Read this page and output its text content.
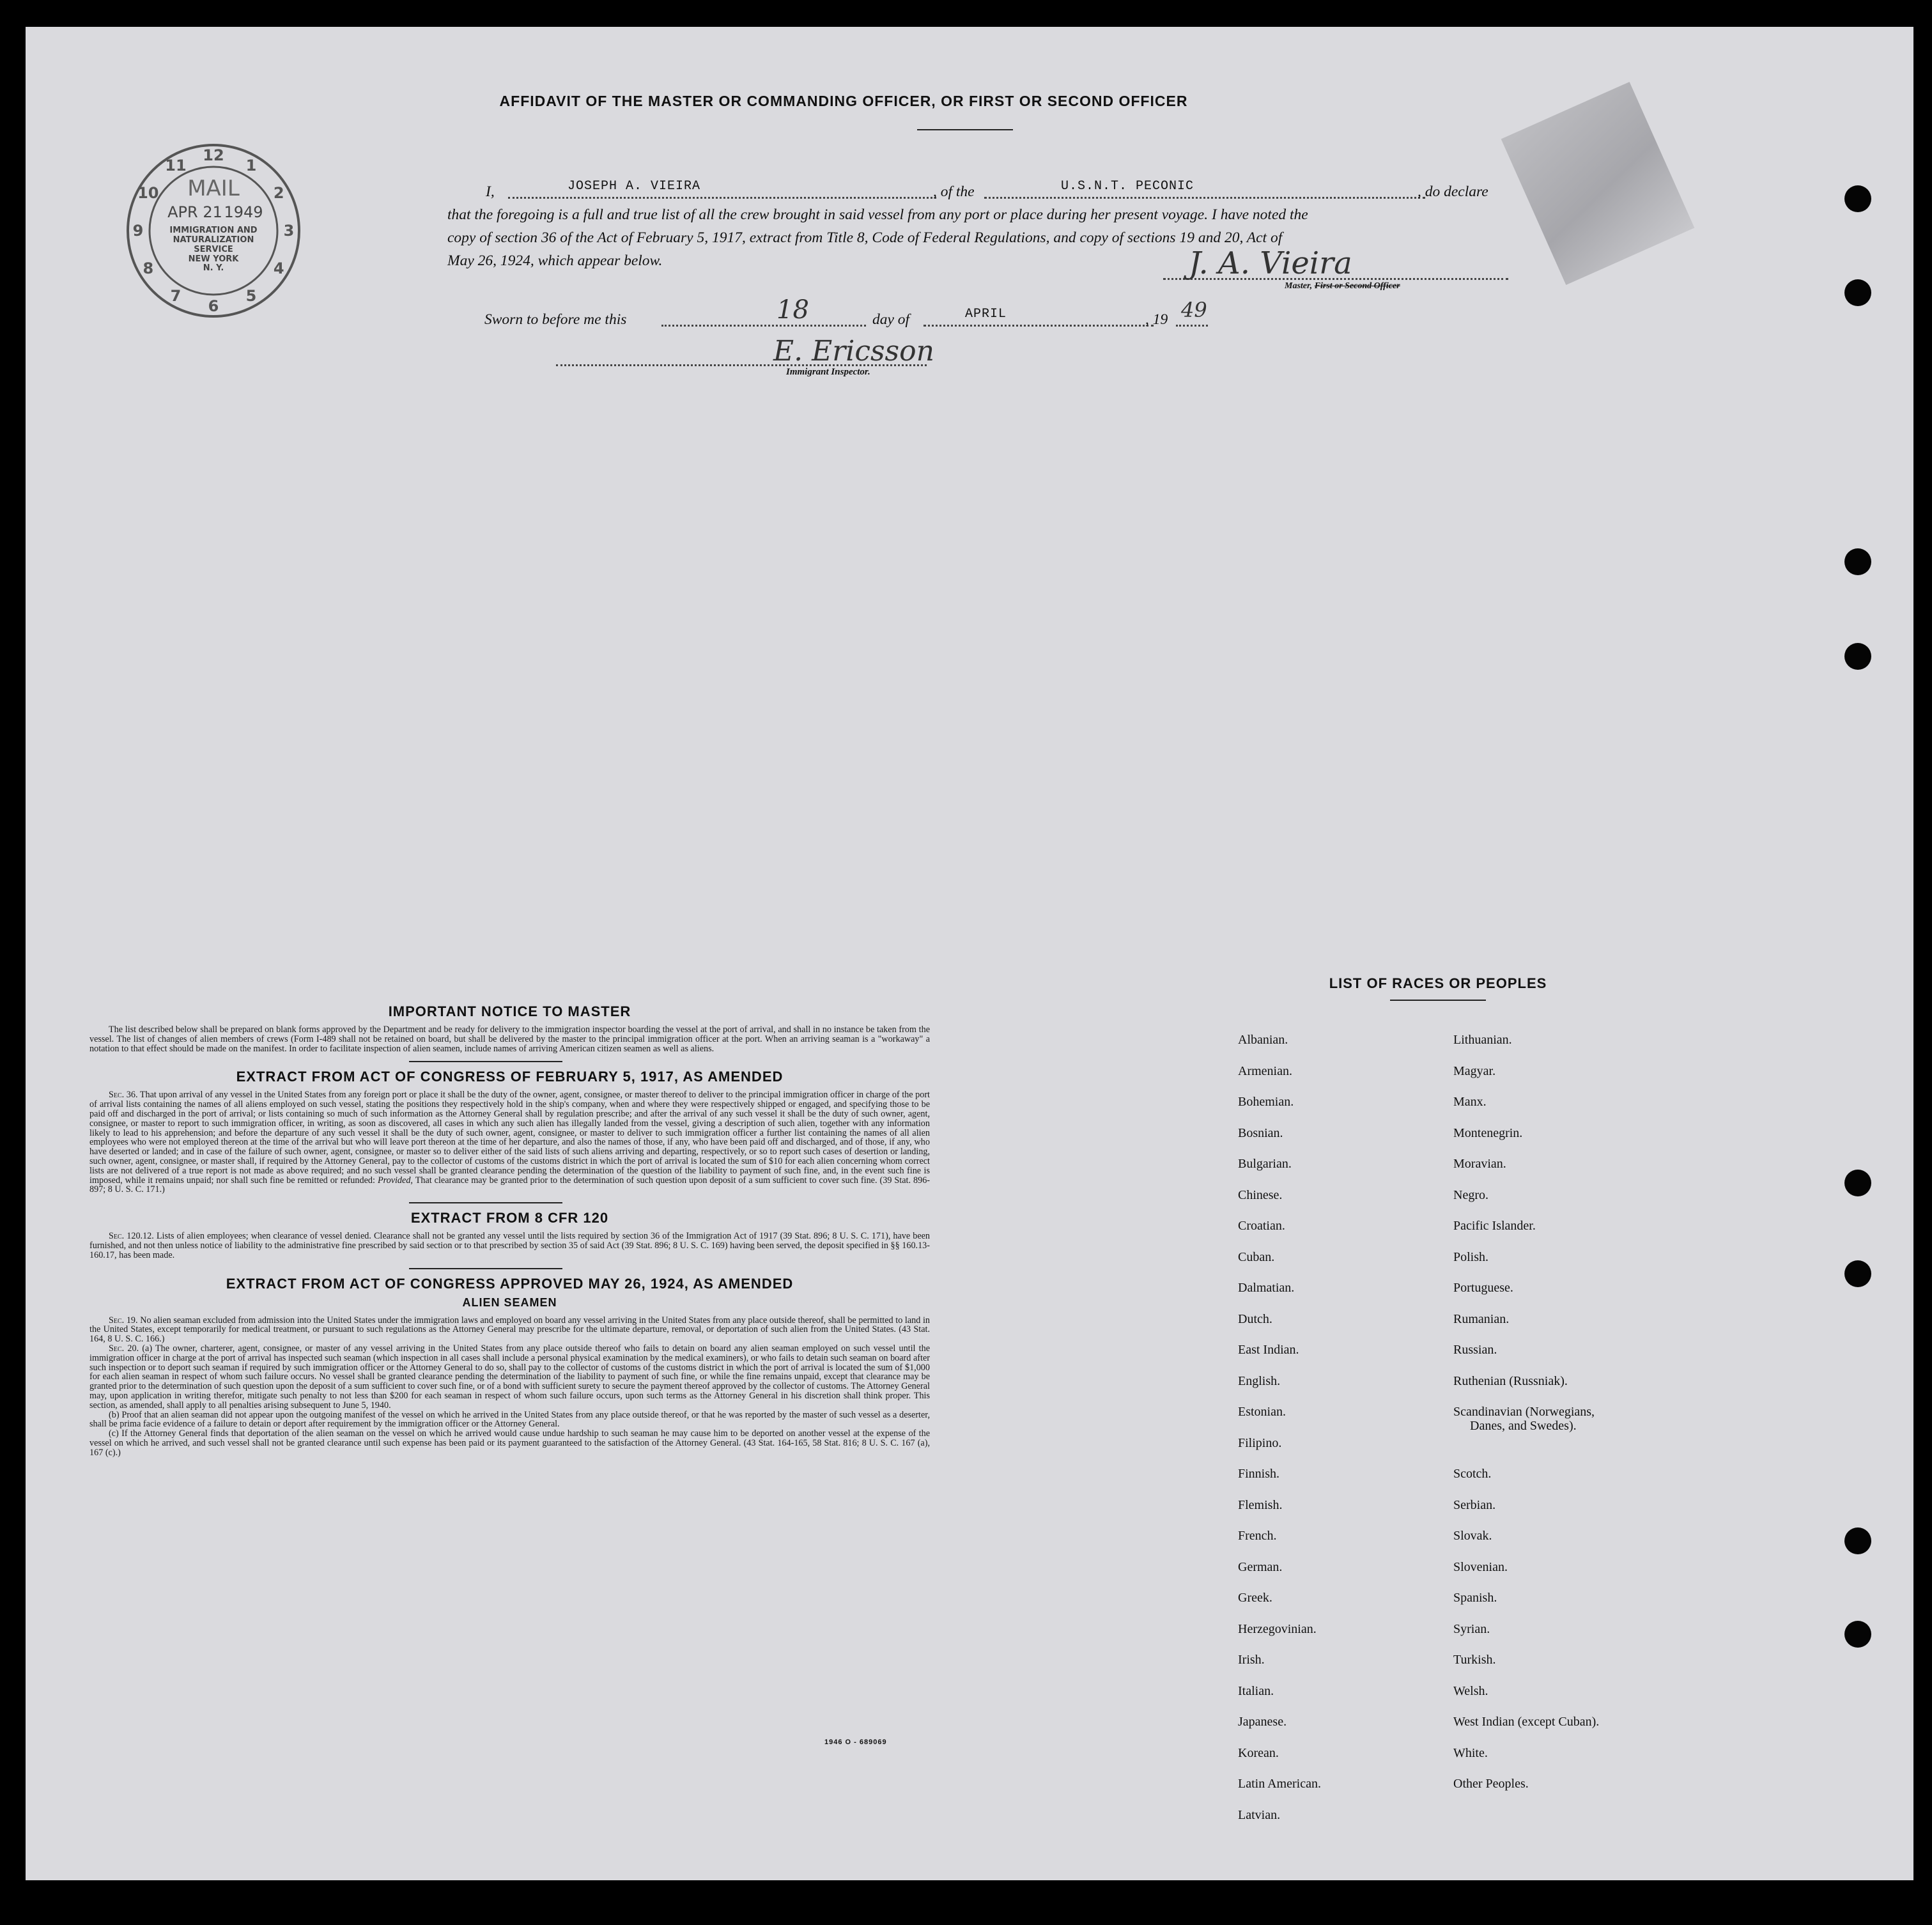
AFFIDAVIT OF THE MASTER OR COMMANDING OFFICER, OR FIRST OR SECOND OFFICER
I,	JOSEPH A. VIEIRA	, of the	U.S.N.T. PECONIC	, do declare
that the foregoing is a full and true list of all the crew brought in said vessel from any port or place during her present voyage. I have noted the
copy of section 36 of the Act of February 5, 1917, extract from Title 8, Code of Federal Regulations, and copy of sections 19 and 20, Act of
May 26, 1924, which appear below.	J. A. Vieira
Master, First or Second Officer
Sworn to before me this	18	day of	APRIL	, 19 49
E. Ericsson
Immigrant Inspector.
12
1
2
3
4
5
6
7
8
9
10
11
MAIL
APR 21 1949
IMMIGRATION AND
NATURALIZATION
SERVICE
NEW YORK
N. Y.
IMPORTANT NOTICE TO MASTER
The list described below shall be prepared on blank forms approved by the Department and be ready for delivery to the immigration inspector boarding the vessel at the port of arrival, and shall in no instance be taken from the vessel. The list of changes of alien members of crews (Form I-489 shall not be retained on board, but shall be delivered by the master to the principal immigration officer at the port. When an arriving seaman is a "workaway" a notation to that effect should be made on the manifest. In order to facilitate inspection of alien seamen, include names of arriving American citizen seamen as well as aliens.
EXTRACT FROM ACT OF CONGRESS OF FEBRUARY 5, 1917, AS AMENDED
Sec. 36. That upon arrival of any vessel in the United States from any foreign port or place it shall be the duty of the owner, agent, consignee, or master thereof to deliver to the principal immigration officer in charge of the port of arrival lists containing the names of all aliens employed on such vessel, stating the positions they respectively hold in the ship's company, when and where they were respectively shipped or engaged, and specifying those to be paid off and discharged in the port of arrival; or lists containing so much of such information as the Attorney General shall by regulation prescribe; and after the arrival of any such vessel it shall be the duty of such owner, agent, consignee, or master to report to such immigration officer, in writing, as soon as discovered, all cases in which any such alien has illegally landed from the vessel, giving a description of such alien, together with any information likely to lead to his apprehension; and before the departure of any such vessel it shall be the duty of such owner, agent, consignee, or master to deliver to such immigration officer a further list containing the names of all alien employees who were not employed thereon at the time of the arrival but who will leave port thereon at the time of her departure, and also the names of those, if any, who have been paid off and discharged, and of those, if any, who have deserted or landed; and in case of the failure of such owner, agent, consignee, or master so to deliver either of the said lists of such aliens arriving and departing, respectively, or so to report such cases of desertion or landing, such owner, agent, consignee, or master shall, if required by the Attorney General, pay to the collector of customs of the customs district in which the port of arrival is located the sum of $10 for each alien concerning whom correct lists are not delivered of a true report is not made as above required; and no such vessel shall be granted clearance pending the determination of the question of the liability to payment of such fine, and, in the event such fine is imposed, while it remains unpaid; nor shall such fine be remitted or refunded: Provided, That clearance may be granted prior to the determination of such question upon deposit of a sum sufficient to cover such fine. (39 Stat. 896-897; 8 U. S. C. 171.)
EXTRACT FROM 8 CFR 120
Sec. 120.12. Lists of alien employees; when clearance of vessel denied. Clearance shall not be granted any vessel until the lists required by section 36 of the Immigration Act of 1917 (39 Stat. 896; 8 U. S. C. 171), have been furnished, and not then unless notice of liability to the administrative fine prescribed by said section or to that prescribed by section 35 of said Act (39 Stat. 896; 8 U. S. C. 169) having been served, the deposit specified in §§ 160.13-160.17, has been made.
EXTRACT FROM ACT OF CONGRESS APPROVED MAY 26, 1924, AS AMENDED
ALIEN SEAMEN
Sec. 19. No alien seaman excluded from admission into the United States under the immigration laws and employed on board any vessel arriving in the United States from any place outside thereof, shall be permitted to land in the United States, except temporarily for medical treatment, or pursuant to such regulations as the Attorney General may prescribe for the ultimate departure, removal, or deportation of such alien from the United States. (43 Stat. 164, 8 U. S. C. 166.)
Sec. 20. (a) The owner, charterer, agent, consignee, or master of any vessel arriving in the United States from any place outside thereof who fails to detain on board any alien seaman employed on such vessel until the immigration officer in charge at the port of arrival has inspected such seaman (which inspection in all cases shall include a personal physical examination by the medical examiners), or who fails to detain such seaman on board after such inspection or to deport such seaman if required by such immigration officer or the Attorney General to do so, shall pay to the collector of customs of the customs district in which the port of arrival is located the sum of $1,000 for each alien seaman in respect of whom such failure occurs. No vessel shall be granted clearance pending the determination of the liability to payment of such fine, or while the fine remains unpaid, except that clearance may be granted prior to the determination of such question upon the deposit of a sum sufficient to cover such fine, or of a bond with sufficient surety to secure the payment thereof approved by the collector of customs. The Attorney General may, upon application in writing therefor, mitigate such penalty to not less than $200 for each seaman in respect of whom such failure occurs, upon such terms as the Attorney General in his discretion shall think proper. This section, as amended, shall apply to all penalties arising subsequent to June 5, 1940.
(b) Proof that an alien seaman did not appear upon the outgoing manifest of the vessel on which he arrived in the United States from any place outside thereof, or that he was reported by the master of such vessel as a deserter, shall be prima facie evidence of a failure to detain or deport after requirement by the immigration officer or the Attorney General.
(c) If the Attorney General finds that deportation of the alien seaman on the vessel on which he arrived would cause undue hardship to such seaman he may cause him to be deported on another vessel at the expense of the vessel on which he arrived, and such vessel shall not be granted clearance until such expense has been paid or its payment guaranteed to the satisfaction of the Attorney General. (43 Stat. 164-165, 58 Stat. 816; 8 U. S. C. 167 (a), 167 (c).)
1946 O - 689069
LIST OF RACES OR PEOPLES
Albanian.
Armenian.
Bohemian.
Bosnian.
Bulgarian.
Chinese.
Croatian.
Cuban.
Dalmatian.
Dutch.
East Indian.
English.
Estonian.
Filipino.
Finnish.
Flemish.
French.
German.
Greek.
Herzegovinian.
Irish.
Italian.
Japanese.
Korean.
Latin American.
Latvian.
Lithuanian.
Magyar.
Manx.
Montenegrin.
Moravian.
Negro.
Pacific Islander.
Polish.
Portuguese.
Rumanian.
Russian.
Ruthenian (Russniak).
Scandinavian (Norwegians,
Danes, and Swedes).
Scotch.
Serbian.
Slovak.
Slovenian.
Spanish.
Syrian.
Turkish.
Welsh.
West Indian (except Cuban).
White.
Other Peoples.
